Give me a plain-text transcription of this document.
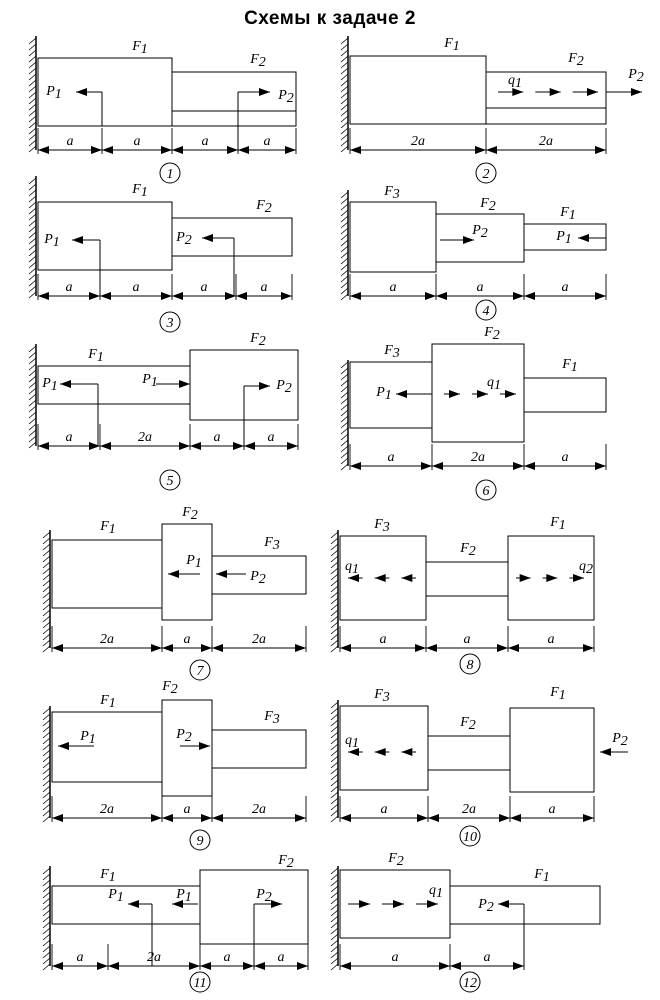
Схемы к задаче 2
F1
F2
P1	P2
a	a	a	a
1
F1
F2
q1
P2
2a	2a
2
F1
F2
P1	P2
a	a	a	a
3
F3
F2	F1
P2	P1
a	a	a
4
F1
F2
P1	P1	P2
a	2a	a	a
5
F3
F2
F1
P1
q1
a	2a	a
6
F1
F2
F3
P1
P2
2a	a	2a
7
F3
F2
F1
q1	q2
a	a	a
8
F1
F2
F3
P1	P2
2a	a	2a
9
F3
F2
F1
q1	P2
a	2a	a
10
F1
F2
P1	P1	P2
a	2a	a	a
11
F2
F1
q1
P2
a	a
12
